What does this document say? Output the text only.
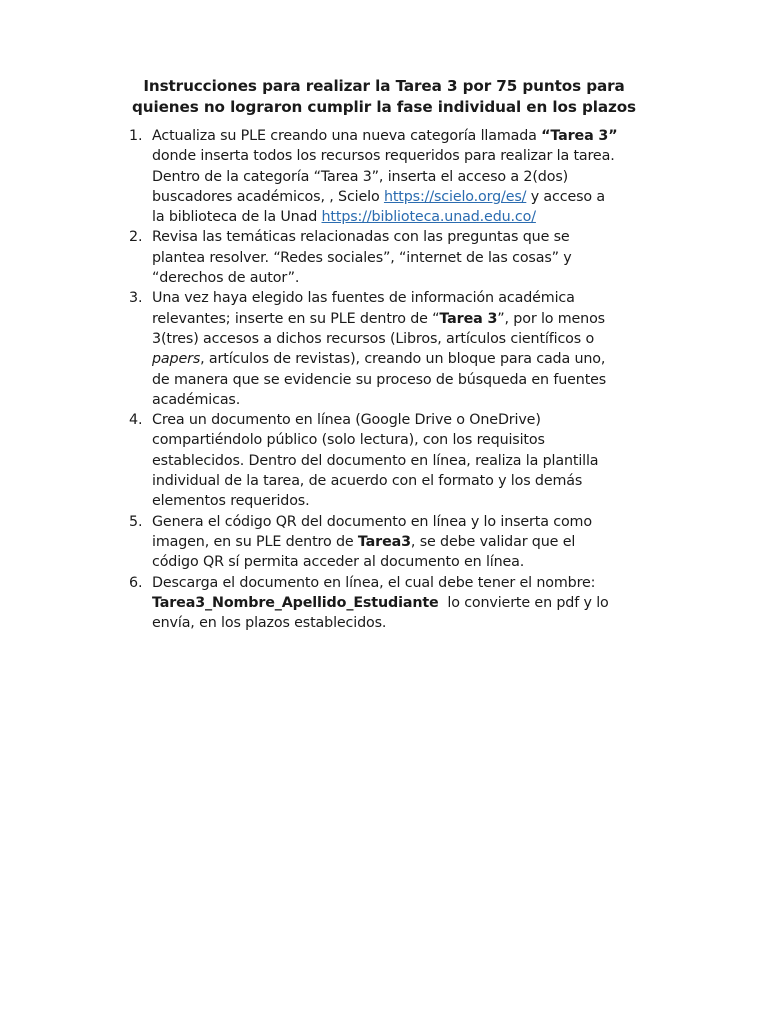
Instrucciones para realizar la Tarea 3 por 75 puntos para
quienes no lograron cumplir la fase individual en los plazos
1. Actualiza su PLE creando una nueva categoría llamada “Tarea 3”
donde inserta todos los recursos requeridos para realizar la tarea.
Dentro de la categoría “Tarea 3”, inserta el acceso a 2(dos)
buscadores académicos, , Scielo https://scielo.org/es/ y acceso a
la biblioteca de la Unad https://biblioteca.unad.edu.co/
2. Revisa las temáticas relacionadas con las preguntas que se
plantea resolver. “Redes sociales”, “internet de las cosas” y
“derechos de autor”.
3. Una vez haya elegido las fuentes de información académica
relevantes; inserte en su PLE dentro de “Tarea 3”, por lo menos
3(tres) accesos a dichos recursos (Libros, artículos científicos o
papers, artículos de revistas), creando un bloque para cada uno,
de manera que se evidencie su proceso de búsqueda en fuentes
académicas.
4. Crea un documento en línea (Google Drive o OneDrive)
compartiéndolo público (solo lectura), con los requisitos
establecidos. Dentro del documento en línea, realiza la plantilla
individual de la tarea, de acuerdo con el formato y los demás
elementos requeridos.
5. Genera el código QR del documento en línea y lo inserta como
imagen, en su PLE dentro de Tarea3, se debe validar que el
código QR sí permita acceder al documento en línea.
6. Descarga el documento en línea, el cual debe tener el nombre:
Tarea3_Nombre_Apellido_Estudiante  lo convierte en pdf y lo
envía, en los plazos establecidos.
